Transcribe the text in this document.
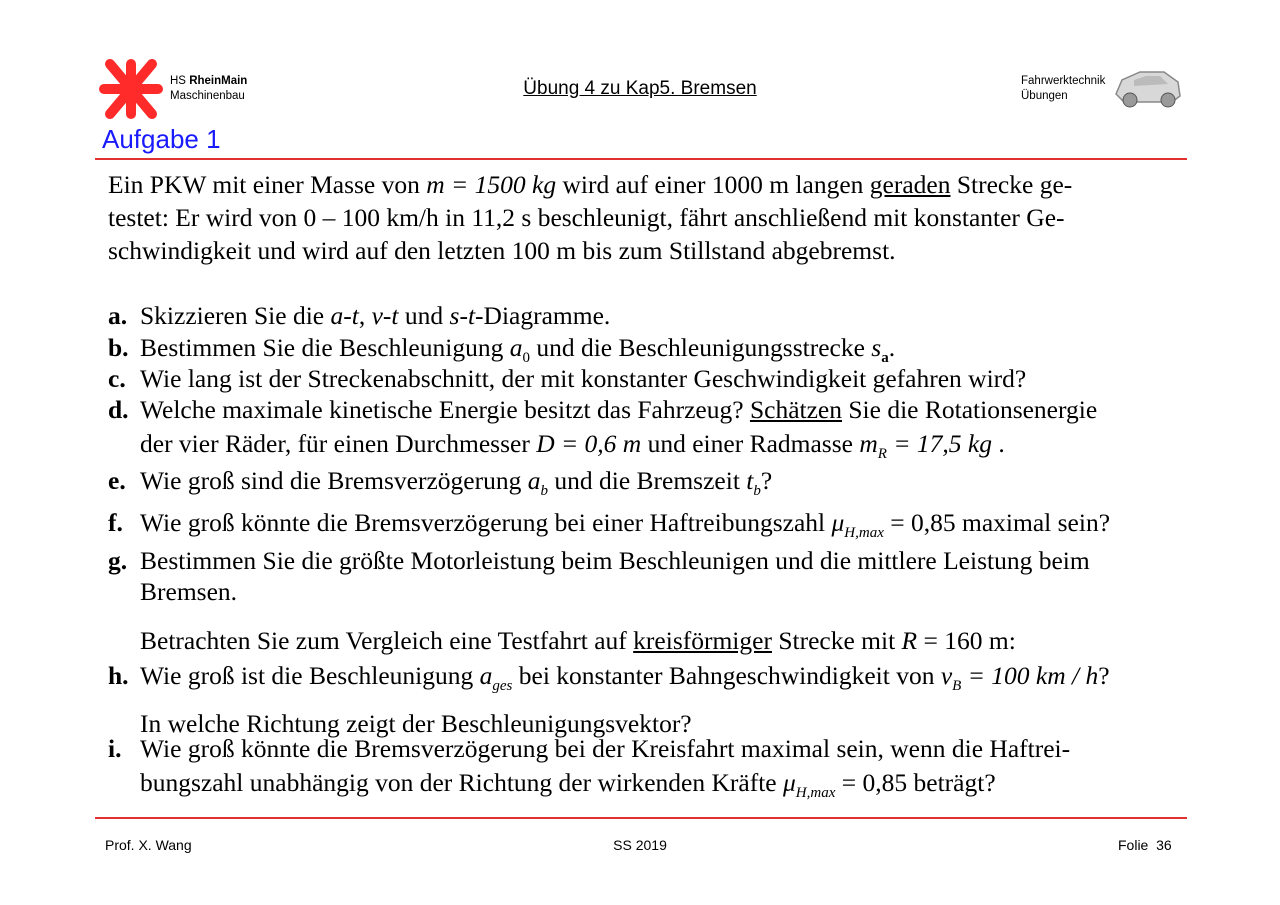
HS RheinMain
Maschinenbau	Übung 4 zu Kap5. Bremsen	Fahrwerktechnik
Übungen
Aufgabe 1
Ein PKW mit einer Masse von m = 1500 kg wird auf einer 1000 m langen geraden Strecke ge-
testet: Er wird von 0 – 100 km/h in 11,2 s beschleunigt, fährt anschließend mit konstanter Ge-
schwindigkeit und wird auf den letzten 100 m bis zum Stillstand abgebremst.
a. Skizzieren Sie die a-t, v-t und s-t-Diagramme.
b. Bestimmen Sie die Beschleunigung $a_0$ und die Beschleunigungsstrecke $s_a$.
c. Wie lang ist der Streckenabschnitt, der mit konstanter Geschwindigkeit gefahren wird?
d. Welche maximale kinetische Energie besitzt das Fahrzeug? Schätzen Sie die Rotationsenergie
der vier Räder, für einen Durchmesser D = 0,6 m und einer Radmasse $m_R = 17,5$ kg .
e. Wie groß sind die Bremsverzögerung $a_b$ und die Bremszeit $t_b$?
f. Wie groß könnte die Bremsverzögerung bei einer Haftreibungszahl $\mu_{H,max} = 0,85$ maximal sein?
g. Bestimmen Sie die größte Motorleistung beim Beschleunigen und die mittlere Leistung beim
Bremsen.
Betrachten Sie zum Vergleich eine Testfahrt auf kreisförmiger Strecke mit R = 160 m:
h. Wie groß ist die Beschleunigung $a_{ges}$ bei konstanter Bahngeschwindigkeit von $v_B = 100$ km / h?
In welche Richtung zeigt der Beschleunigungsvektor?
i. Wie groß könnte die Bremsverzögerung bei der Kreisfahrt maximal sein, wenn die Haftrei-
bungszahl unabhängig von der Richtung der wirkenden Kräfte $\mu_{H,max} = 0,85$ beträgt?
Prof. X. Wang	SS 2019	Folie  36
